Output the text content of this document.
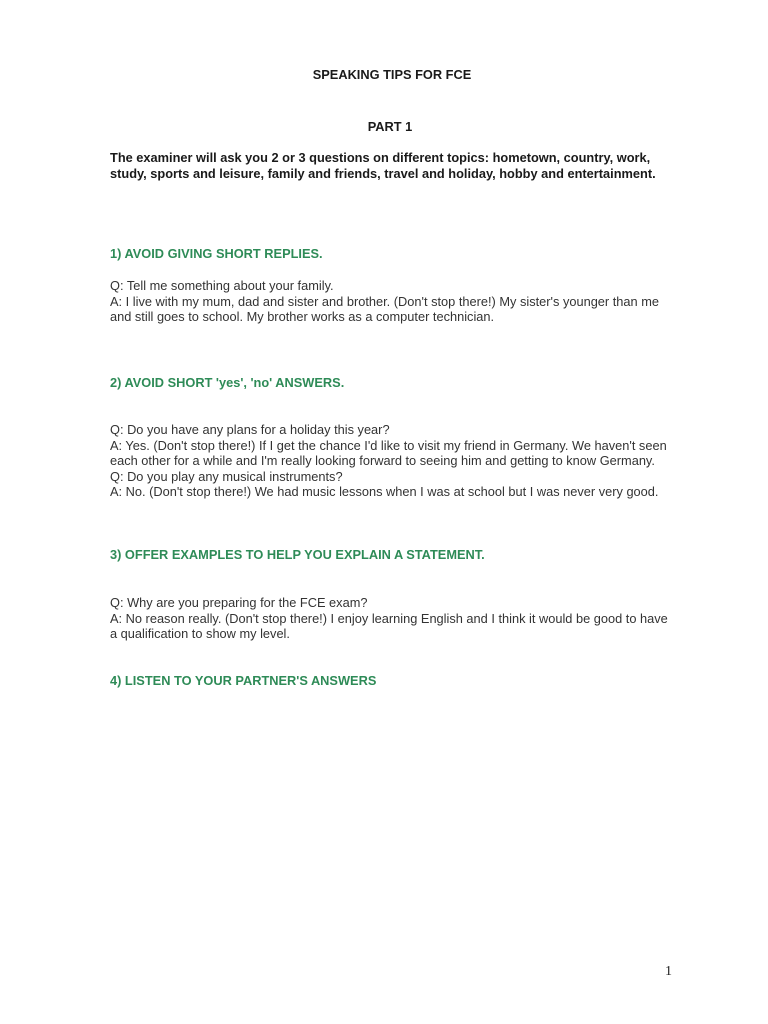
SPEAKING TIPS FOR FCE
PART 1
The examiner will ask you 2 or 3 questions on different topics: hometown, country, work, study, sports and leisure, family and friends, travel and holiday, hobby and entertainment.
1) AVOID GIVING SHORT REPLIES.

Q: Tell me something about your family.

A: I live with my mum, dad and sister and brother. (Don't stop there!) My sister's younger than me and still goes to school. My brother works as a computer technician.

2) AVOID SHORT 'yes', 'no' ANSWERS.

Q: Do you have any plans for a holiday this year?

A: Yes. (Don't stop there!) If I get the chance I'd like to visit my friend in Germany. We haven't seen each other for a while and I'm really looking forward to seeing him and getting to know Germany.

Q: Do you play any musical instruments?

A: No. (Don't stop there!) We had music lessons when I was at school but I was never very good.

3) OFFER EXAMPLES TO HELP YOU EXPLAIN A STATEMENT.

Q: Why are you preparing for the FCE exam?

A: No reason really. (Don't stop there!) I enjoy learning English and I think it would be good to have a qualification to show my level.

4) LISTEN TO YOUR PARTNER'S ANSWERS
1
